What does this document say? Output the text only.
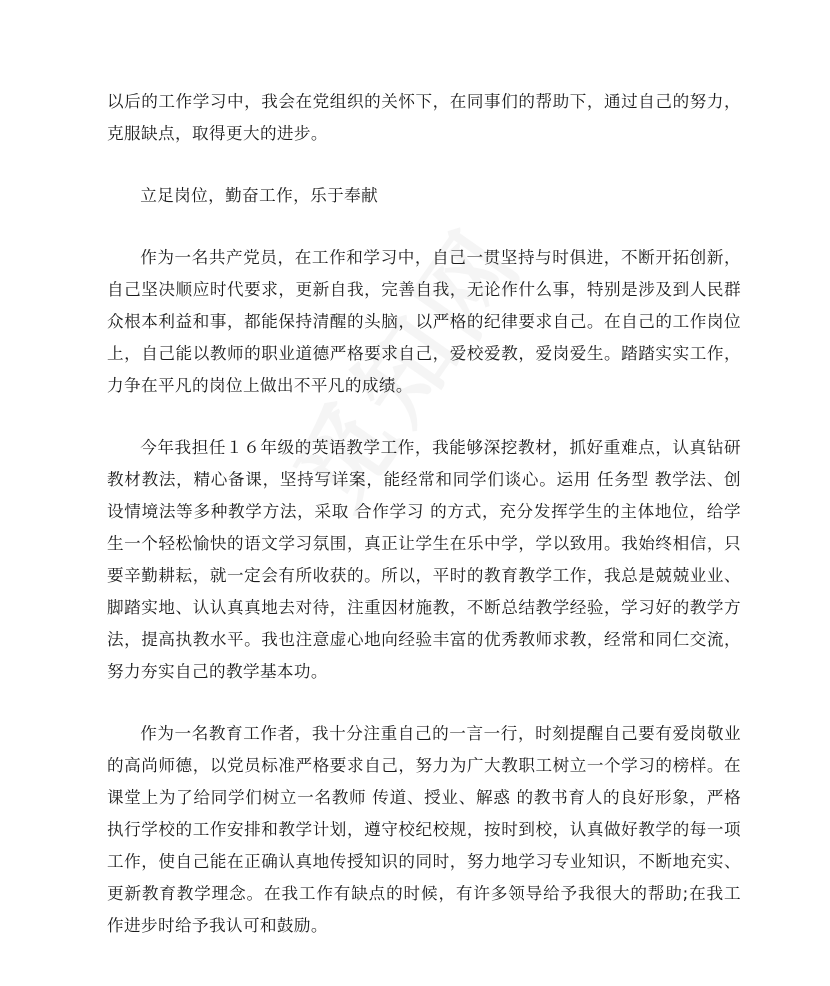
以后的工作学习中，我会在党组织的关怀下，在同事们的帮助下，通过自己的努力，克服缺点，取得更大的进步。

立足岗位，勤奋工作，乐于奉献

作为一名共产党员，在工作和学习中，自己一贯坚持与时俱进，不断开拓创新，自己坚决顺应时代要求，更新自我，完善自我，无论作什么事，特别是涉及到人民群众根本利益和事，都能保持清醒的头脑，以严格的纪律要求自己。在自己的工作岗位上，自己能以教师的职业道德严格要求自己，爱校爱教，爱岗爱生。踏踏实实工作，力争在平凡的岗位上做出不平凡的成绩。

今年我担任１６年级的英语教学工作，我能够深挖教材，抓好重难点，认真钻研教材教法，精心备课，坚持写详案，能经常和同学们谈心。运用 任务型 教学法、创设情境法等多种教学方法，采取 合作学习 的方式，充分发挥学生的主体地位，给学生一个轻松愉快的语文学习氛围，真正让学生在乐中学，学以致用。我始终相信，只要辛勤耕耘，就一定会有所收获的。所以，平时的教育教学工作，我总是兢兢业业、脚踏实地、认认真真地去对待，注重因材施教，不断总结教学经验，学习好的教学方法，提高执教水平。我也注意虚心地向经验丰富的优秀教师求教，经常和同仁交流，努力夯实自己的教学基本功。

作为一名教育工作者，我十分注重自己的一言一行，时刻提醒自己要有爱岗敬业的高尚师德，以党员标准严格要求自己，努力为广大教职工树立一个学习的榜样。在课堂上为了给同学们树立一名教师 传道、授业、解惑 的教书育人的良好形象，严格执行学校的工作安排和教学计划，遵守校纪校规，按时到校，认真做好教学的每一项工作，使自己能在正确认真地传授知识的同时，努力地学习专业知识，不断地充实、更新教育教学理念。在我工作有缺点的时候，有许多领导给予我很大的帮助;在我工作进步时给予我认可和鼓励。
